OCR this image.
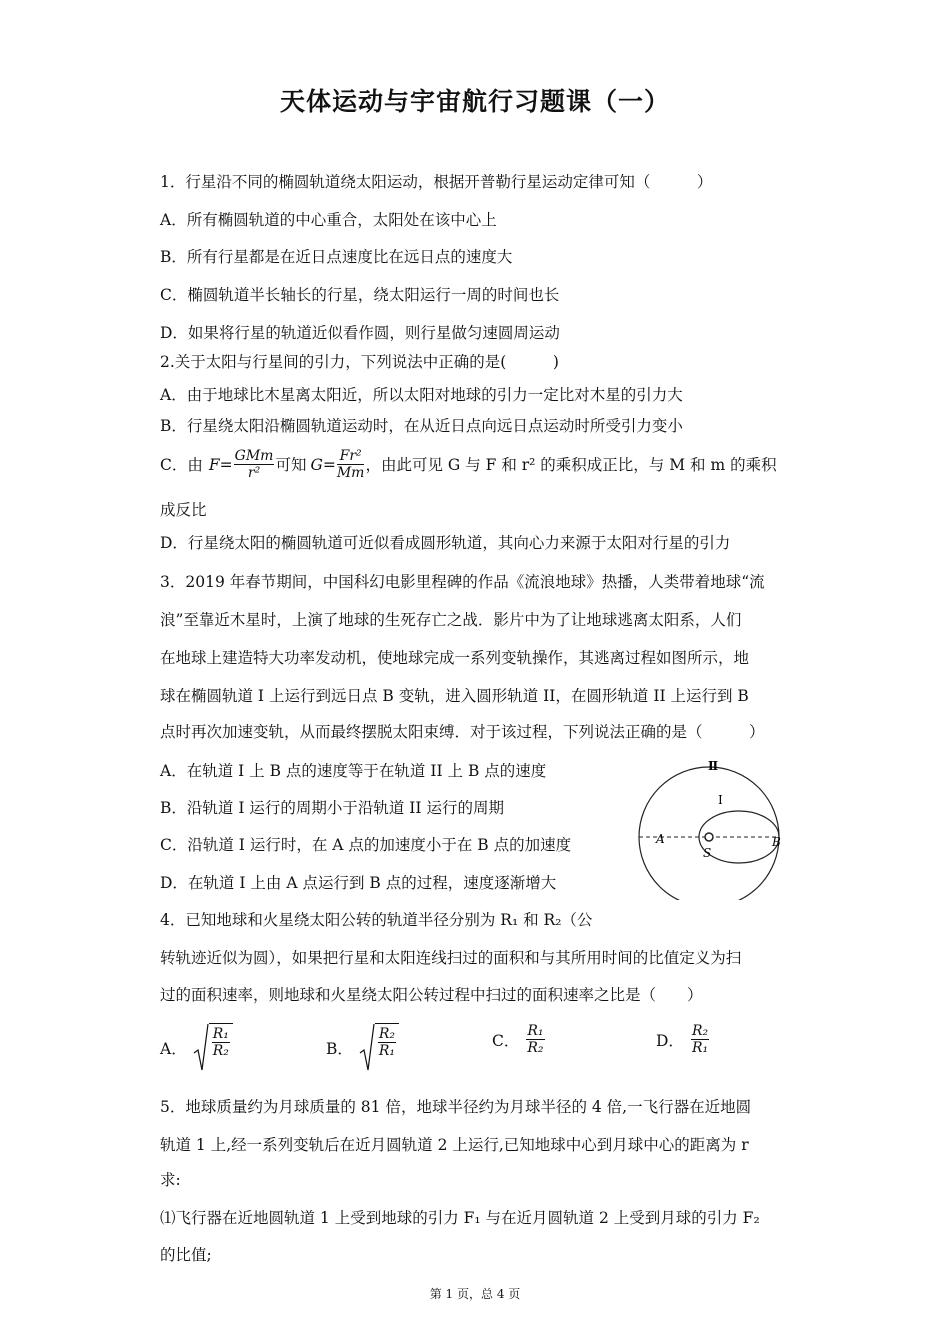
天体运动与宇宙航行习题课（一）
1．行星沿不同的椭圆轨道绕太阳运动，根据开普勒行星运动定律可知（　　　）
A．所有椭圆轨道的中心重合，太阳处在该中心上
B．所有行星都是在近日点速度比在远日点的速度大
C．椭圆轨道半长轴长的行星，绕太阳运行一周的时间也长
D．如果将行星的轨道近似看作圆，则行星做匀速圆周运动
2.关于太阳与行星间的引力，下列说法中正确的是(　　　)
A．由于地球比木星离太阳近，所以太阳对地球的引力一定比对木星的引力大
B．行星绕太阳沿椭圆轨道运动时，在从近日点向远日点运动时所受引力变小
C．由 $F = \frac{\text{GMm}}{\text{r²}}$ 可知 $G = \frac{\text{Fr²}}{Mm}$ ，由此可见 G 与 F 和 r² 的乘积成正比，与 M 和 m 的乘积
成反比
D．行星绕太阳的椭圆轨道可近似看成圆形轨道，其向心力来源于太阳对行星的引力
3．2019 年春节期间，中国科幻电影里程碑的作品《流浪地球》热播，人类带着地球“流
浪”至靠近木星时，上演了地球的生死存亡之战．影片中为了让地球逃离太阳系，人们
在地球上建造特大功率发动机，使地球完成一系列变轨操作，其逃离过程如图所示，地
球在椭圆轨道 I 上运行到远日点 B 变轨，进入圆形轨道 II，在圆形轨道 II 上运行到 B
点时再次加速变轨，从而最终摆脱太阳束缚．对于该过程，下列说法正确的是（　　　）
A．在轨道 I 上 B 点的速度等于在轨道 II 上 B 点的速度
B．沿轨道 I 运行的周期小于沿轨道 II 运行的周期
C．沿轨道 I 运行时，在 A 点的加速度小于在 B 点的加速度
D．在轨道 I 上由 A 点运行到 B 点的过程，速度逐渐增大
Ⅱ
I
A	B
S
4．已知地球和火星绕太阳公转的轨道半径分别为 R₁ 和 R₂（公
转轨迹近似为圆），如果把行星和太阳连线扫过的面积和与其所用时间的比值定义为扫
过的面积速率，则地球和火星绕太阳公转过程中扫过的面积速率之比是（　　）
A． $\frac{\text{R₁}}{\text{R₂}}$	B． $\frac{\text{R₂}}{\text{R₁}}$	C． $\frac{\text{R₁}}{\text{R₂}}$	D． $\frac{\text{R₂}}{\text{R₁}}$
5．地球质量约为月球质量的 81 倍，地球半径约为月球半径的 4 倍,一飞行器在近地圆
轨道 1 上,经一系列变轨后在近月圆轨道 2 上运行,已知地球中心到月球中心的距离为 r
求:
⑴飞行器在近地圆轨道 1 上受到地球的引力 F₁ 与在近月圆轨道 2 上受到月球的引力 F₂
的比值;
第 1 页，总 4 页
